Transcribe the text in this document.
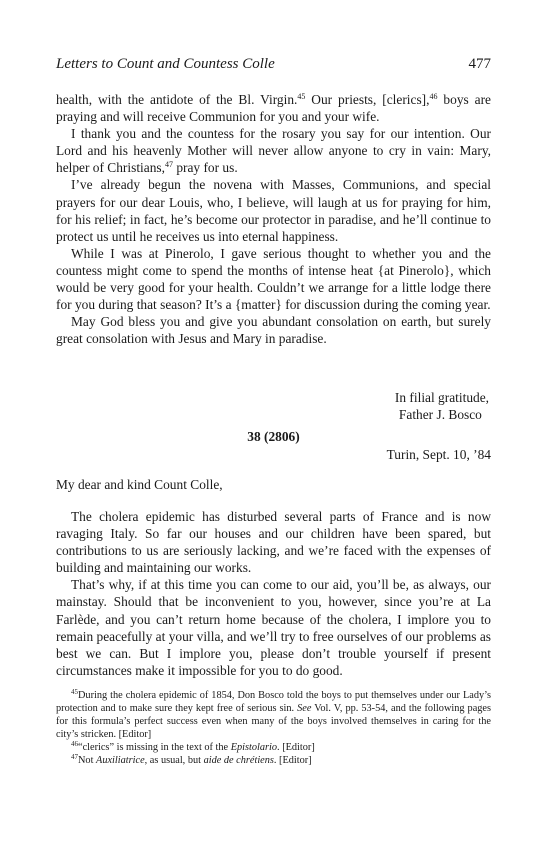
Letters to Count and Countess Colle	477

health, with the antidote of the Bl. Virgin.$^{45}$ Our priests, [clerics],$^{46}$ boys are praying and will receive Communion for you and your wife.

I thank you and the countess for the rosary you say for our intention. Our Lord and his heavenly Mother will never allow anyone to cry in vain: Mary, helper of Christians,$^{47}$ pray for us.

I’ve already begun the novena with Masses, Communions, and special prayers for our dear Louis, who, I believe, will laugh at us for praying for him, for his relief; in fact, he’s become our protector in paradise, and he’ll continue to protect us until he receives us into eternal happiness.

While I was at Pinerolo, I gave serious thought to whether you and the countess might come to spend the months of intense heat {at Pinerolo}, which would be very good for your health. Couldn’t we arrange for a little lodge there for you during that season? It’s a {matter} for discussion during the coming year.

May God bless you and give you abundant consolation on earth, but surely great consolation with Jesus and Mary in paradise.

In filial gratitude,
Father J. Bosco
38 (2806)
Turin, Sept. 10, ’84
My dear and kind Count Colle,

The cholera epidemic has disturbed several parts of France and is now ravaging Italy. So far our houses and our children have been spared, but contributions to us are seriously lacking, and we’re faced with the expenses of building and maintaining our works.

That’s why, if at this time you can come to our aid, you’ll be, as always, our mainstay. Should that be inconvenient to you, however, since you’re at La Farlède, and you can’t return home because of the cholera, I implore you to remain peacefully at your villa, and we’ll try to free ourselves of our problems as best we can. But I implore you, please don’t trouble yourself if present circumstances make it impossible for you to do good.

$^{45}$During the cholera epidemic of 1854, Don Bosco told the boys to put themselves under our Lady’s protection and to make sure they kept free of serious sin. See Vol. V, pp. 53-54, and the following pages for this formula’s perfect success even when many of the boys involved themselves in caring for the city’s stricken. [Editor]

$^{46}$“clerics” is missing in the text of the Epistolario. [Editor]

$^{47}$Not Auxiliatrice, as usual, but aide de chrétiens. [Editor]
